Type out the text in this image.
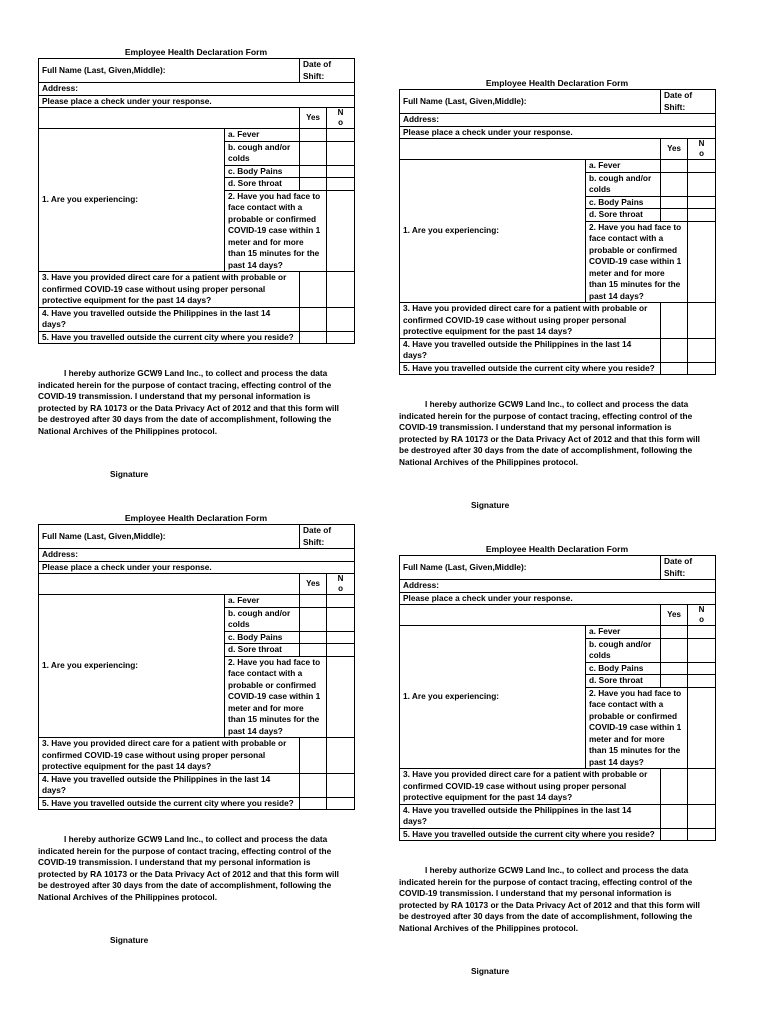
Employee Health Declaration Form
Full Name (Last, Given,Middle):		Date of Shift:		
Address:				
Please place a check under your response.				
		Yes	N
o	

1. Are you experiencing:	a. Fever			
	b. cough and/or colds			
	c. Body Pains			
	d. Sore throat			
	2. Have you had face to face contact with a probable or confirmed COVID-19 case within 1 meter and for more than 15 minutes for the past 14 days?			
3. Have you provided direct care for a patient with probable or confirmed COVID-19 case without using proper personal protective equipment for the past 14 days?				
4. Have you travelled outside the Philippines in the last 14 days?				
5. Have you travelled outside the current city where you reside?				
I hereby authorize GCW9 Land Inc., to collect and process the data indicated herein for the purpose of contact tracing, effecting control of the COVID-19 transmission. I understand that my personal information is protected by RA 10173 or the Data Privacy Act of 2012 and that this form will be destroyed after 30 days from the date of accomplishment, following the National Archives of the Philippines protocol.
Signature
Employee Health Declaration Form
Full Name (Last, Given,Middle):		Date of Shift:		
Address:				
Please place a check under your response.				
		Yes	N
o	

1. Are you experiencing:	a. Fever			
	b. cough and/or colds			
	c. Body Pains			
	d. Sore throat			
	2. Have you had face to face contact with a probable or confirmed COVID-19 case within 1 meter and for more than 15 minutes for the past 14 days?			
3. Have you provided direct care for a patient with probable or confirmed COVID-19 case without using proper personal protective equipment for the past 14 days?				
4. Have you travelled outside the Philippines in the last 14 days?				
5. Have you travelled outside the current city where you reside?				
I hereby authorize GCW9 Land Inc., to collect and process the data indicated herein for the purpose of contact tracing, effecting control of the COVID-19 transmission. I understand that my personal information is protected by RA 10173 or the Data Privacy Act of 2012 and that this form will be destroyed after 30 days from the date of accomplishment, following the National Archives of the Philippines protocol.
Signature
Employee Health Declaration Form
Full Name (Last, Given,Middle):		Date of Shift:		
Address:				
Please place a check under your response.				
		Yes	N
o	

1. Are you experiencing:	a. Fever			
	b. cough and/or colds			
	c. Body Pains			
	d. Sore throat			
	2. Have you had face to face contact with a probable or confirmed COVID-19 case within 1 meter and for more than 15 minutes for the past 14 days?			
3. Have you provided direct care for a patient with probable or confirmed COVID-19 case without using proper personal protective equipment for the past 14 days?				
4. Have you travelled outside the Philippines in the last 14 days?				
5. Have you travelled outside the current city where you reside?				
I hereby authorize GCW9 Land Inc., to collect and process the data indicated herein for the purpose of contact tracing, effecting control of the COVID-19 transmission. I understand that my personal information is protected by RA 10173 or the Data Privacy Act of 2012 and that this form will be destroyed after 30 days from the date of accomplishment, following the National Archives of the Philippines protocol.
Signature
Employee Health Declaration Form
Full Name (Last, Given,Middle):		Date of Shift:		
Address:				
Please place a check under your response.				
		Yes	N
o	

1. Are you experiencing:	a. Fever			
	b. cough and/or colds			
	c. Body Pains			
	d. Sore throat			
	2. Have you had face to face contact with a probable or confirmed COVID-19 case within 1 meter and for more than 15 minutes for the past 14 days?			
3. Have you provided direct care for a patient with probable or confirmed COVID-19 case without using proper personal protective equipment for the past 14 days?				
4. Have you travelled outside the Philippines in the last 14 days?				
5. Have you travelled outside the current city where you reside?				
I hereby authorize GCW9 Land Inc., to collect and process the data indicated herein for the purpose of contact tracing, effecting control of the COVID-19 transmission. I understand that my personal information is protected by RA 10173 or the Data Privacy Act of 2012 and that this form will be destroyed after 30 days from the date of accomplishment, following the National Archives of the Philippines protocol.
Signature
